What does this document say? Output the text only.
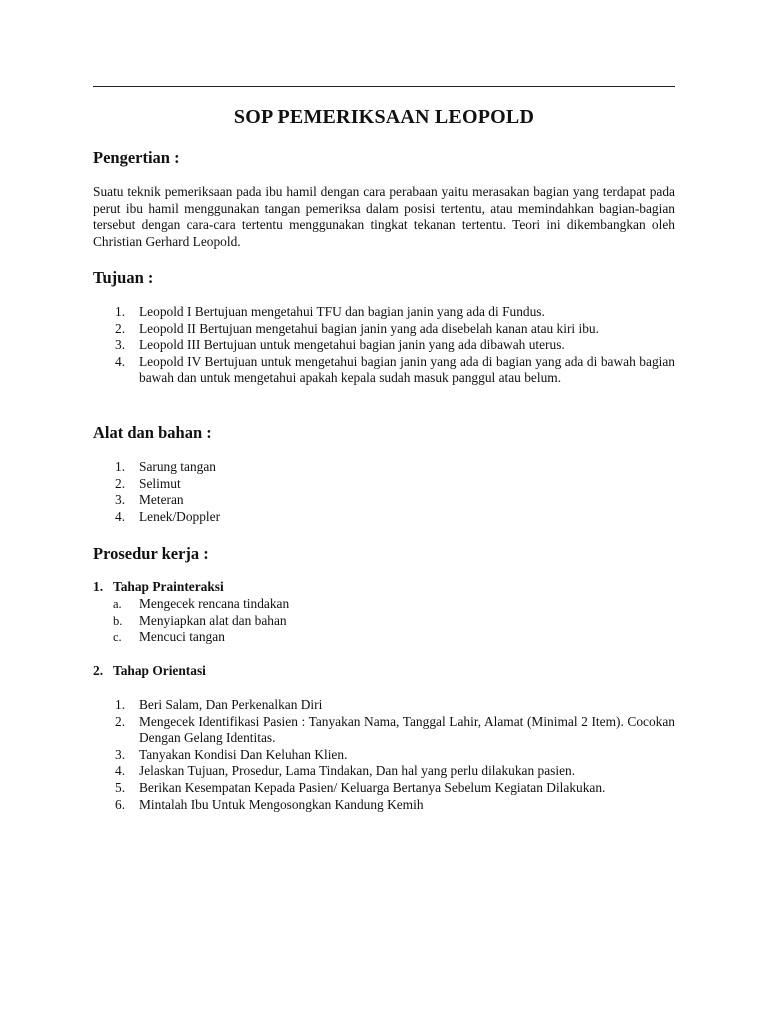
SOP PEMERIKSAAN LEOPOLD
Pengertian :
Suatu teknik pemeriksaan pada ibu hamil dengan cara perabaan yaitu merasakan bagian yang terdapat pada perut ibu hamil menggunakan tangan pemeriksa dalam posisi tertentu, atau memindahkan bagian-bagian tersebut dengan cara-cara tertentu menggunakan tingkat tekanan tertentu. Teori ini dikembangkan oleh Christian Gerhard Leopold.
Tujuan :
1. Leopold I Bertujuan mengetahui TFU dan bagian janin yang ada di Fundus.
2. Leopold II Bertujuan mengetahui bagian janin yang ada disebelah kanan atau kiri ibu.
3. Leopold III Bertujuan untuk mengetahui bagian janin yang ada dibawah uterus.
4. Leopold IV Bertujuan untuk mengetahui bagian janin yang ada di bagian yang ada di bawah bagian bawah dan untuk mengetahui apakah kepala sudah masuk panggul atau belum.
Alat dan bahan :
1. Sarung tangan
2. Selimut
3. Meteran
4. Lenek/Doppler
Prosedur kerja :
1. Tahap Prainteraksi
a. Mengecek rencana tindakan
b. Menyiapkan alat dan bahan
c. Mencuci tangan
2. Tahap Orientasi
1. Beri Salam, Dan Perkenalkan Diri
2. Mengecek Identifikasi Pasien : Tanyakan Nama, Tanggal Lahir, Alamat (Minimal 2 Item). Cocokan Dengan Gelang Identitas.
3. Tanyakan Kondisi Dan Keluhan Klien.
4. Jelaskan Tujuan, Prosedur, Lama Tindakan, Dan hal yang perlu dilakukan pasien.
5. Berikan Kesempatan Kepada Pasien/ Keluarga Bertanya Sebelum Kegiatan Dilakukan.
6. Mintalah Ibu Untuk Mengosongkan Kandung Kemih
